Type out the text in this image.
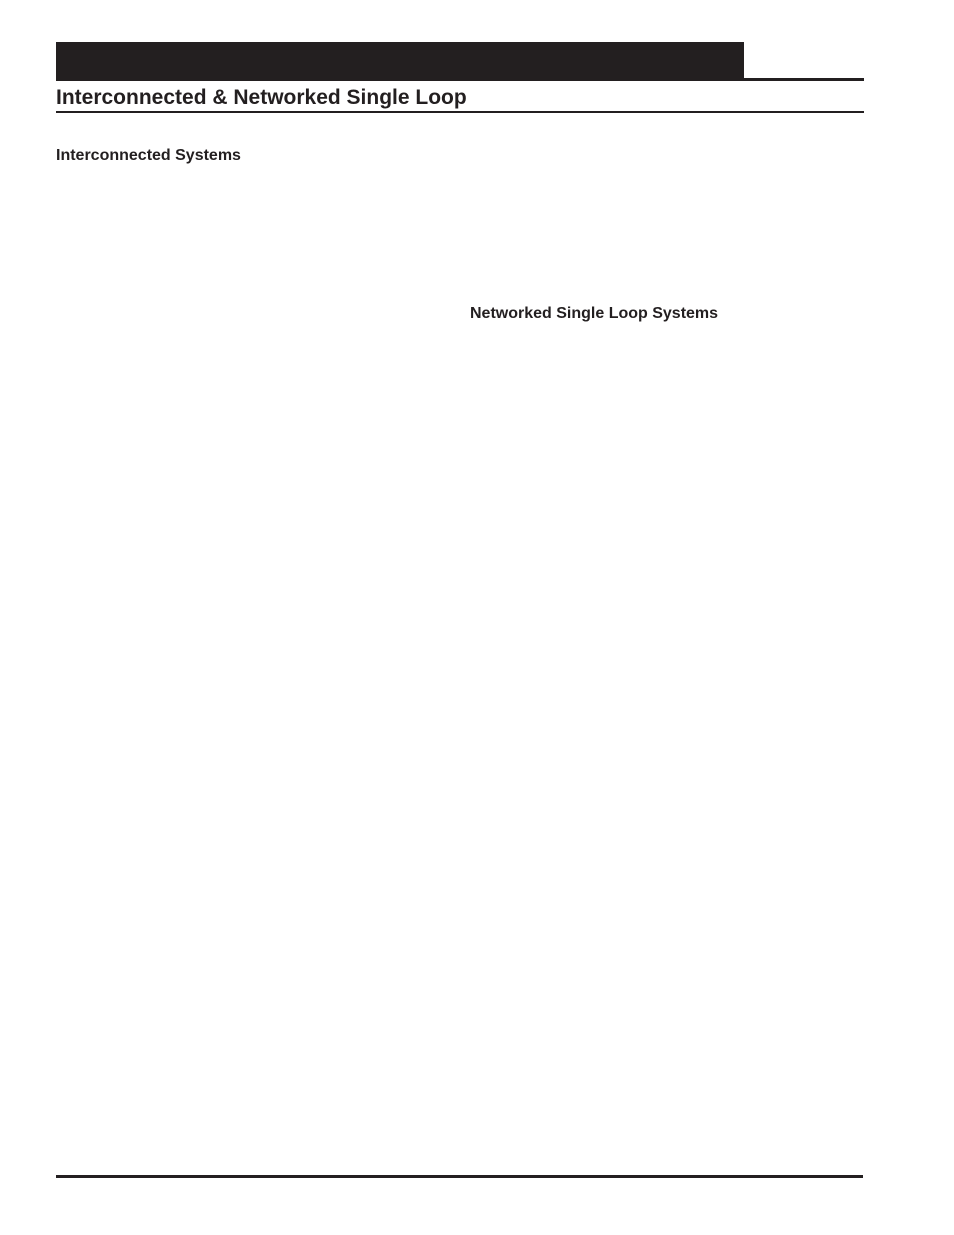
Interconnected & Networked Single Loop
Interconnected Systems
Networked Single Loop Systems
